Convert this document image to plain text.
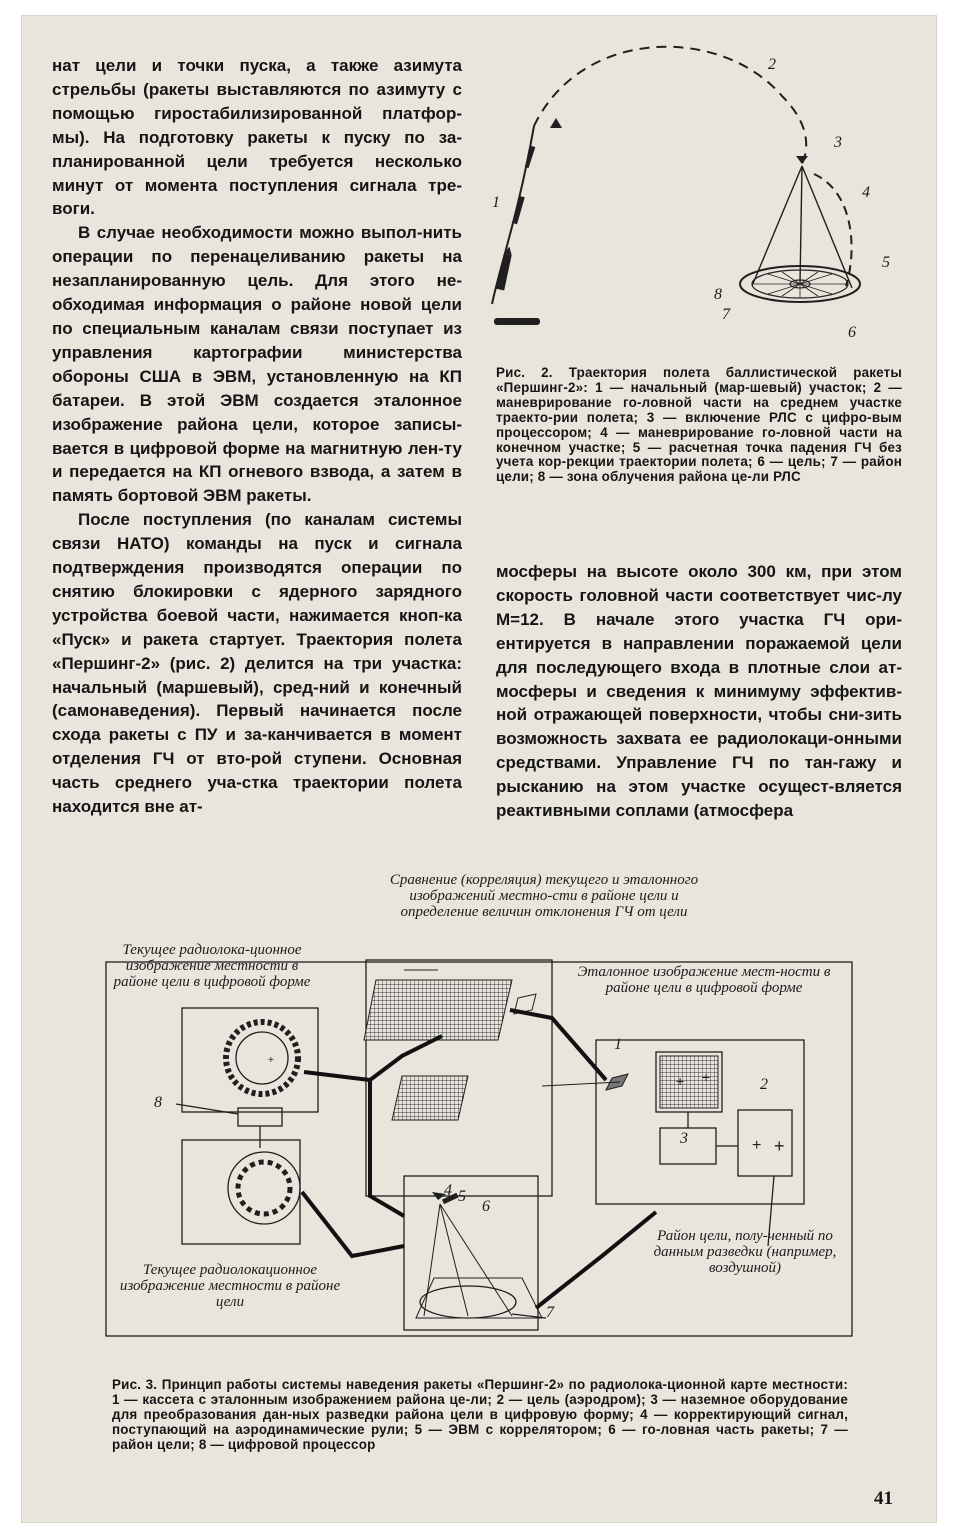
нат цели и точки пуска, а также азимута стрельбы (ракеты выставляются по азимуту с помощью гиростабилизированной платфор-мы). На подготовку ракеты к пуску по за-планированной цели требуется несколько минут от момента поступления сигнала тре-воги.

В случае необходимости можно выпол-нить операции по перенацеливанию ракеты на незапланированную цель. Для этого не-обходимая информация о районе новой цели по специальным каналам связи поступает из управления картографии министерства обороны США в ЭВМ, установленную на КП батареи. В этой ЭВМ создается эталонное изображение района цели, которое записы-вается в цифровой форме на магнитную лен-ту и передается на КП огневого взвода, а затем в память бортовой ЭВМ ракеты.

После поступления (по каналам системы связи НАТО) команды на пуск и сигнала подтверждения производятся операции по снятию блокировки с ядерного зарядного устройства боевой части, нажимается кноп-ка «Пуск» и ракета стартует. Траектория полета «Першинг-2» (рис. 2) делится на три участка: начальный (маршевый), сред-ний и конечный (самонаведения). Первый начинается после схода ракеты с ПУ и за-канчивается в момент отделения ГЧ от вто-рой ступени. Основная часть среднего уча-стка траектории полета находится вне ат-

мосферы на высоте около 300 км, при этом скорость головной части соответствует чис-лу М=12. В начале этого участка ГЧ ори-ентируется в направлении поражаемой цели для последующего входа в плотные слои ат-мосферы и сведения к минимуму эффектив-ной отражающей поверхности, чтобы сни-зить возможность захвата ее радиолокаци-онными средствами. Управление ГЧ по тан-гажу и рысканию на этом участке осущест-вляется реактивными соплами (атмосфера

1
2
3
4
5
6
7
8
Рис. 2. Траектория полета баллистической ракеты «Першинг-2»: 1 — начальный (мар-шевый) участок; 2 — маневрирование го-ловной части на среднем участке траекто-рии полета; 3 — включение РЛС с цифро-вым процессором; 4 — маневрирование го-ловной части на конечном участке; 5 — расчетная точка падения ГЧ без учета кор-рекции траектории полета; 6 — цель; 7 — район цели; 8 — зона облучения района це-ли РЛС
+
+ +
+ +
Сравнение (корреляция) текущего и эталонного изображений местно-сти в районе цели и определение величин отклонения ГЧ от цели
Текущее радиолока-ционное изображение местности в районе цели в цифровой форме
Эталонное изображение мест-ности в районе цели в цифровой форме
Текущее радиолокационное изображение местности в районе цели
Район цели, полу-ченный по данным разведки (например, воздушной)
1
2
3
4 5
6
7
8
Рис. 3. Принцип работы системы наведения ракеты «Першинг-2» по радиолока-ционной карте местности: 1 — кассета с эталонным изображением района це-ли; 2 — цель (аэродром); 3 — наземное оборудование для преобразования дан-ных разведки района цели в цифровую форму; 4 — корректирующий сигнал, поступающий на аэродинамические рули; 5 — ЭВМ с коррелятором; 6 — го-ловная часть ракеты; 7 — район цели; 8 — цифровой процессор
41
